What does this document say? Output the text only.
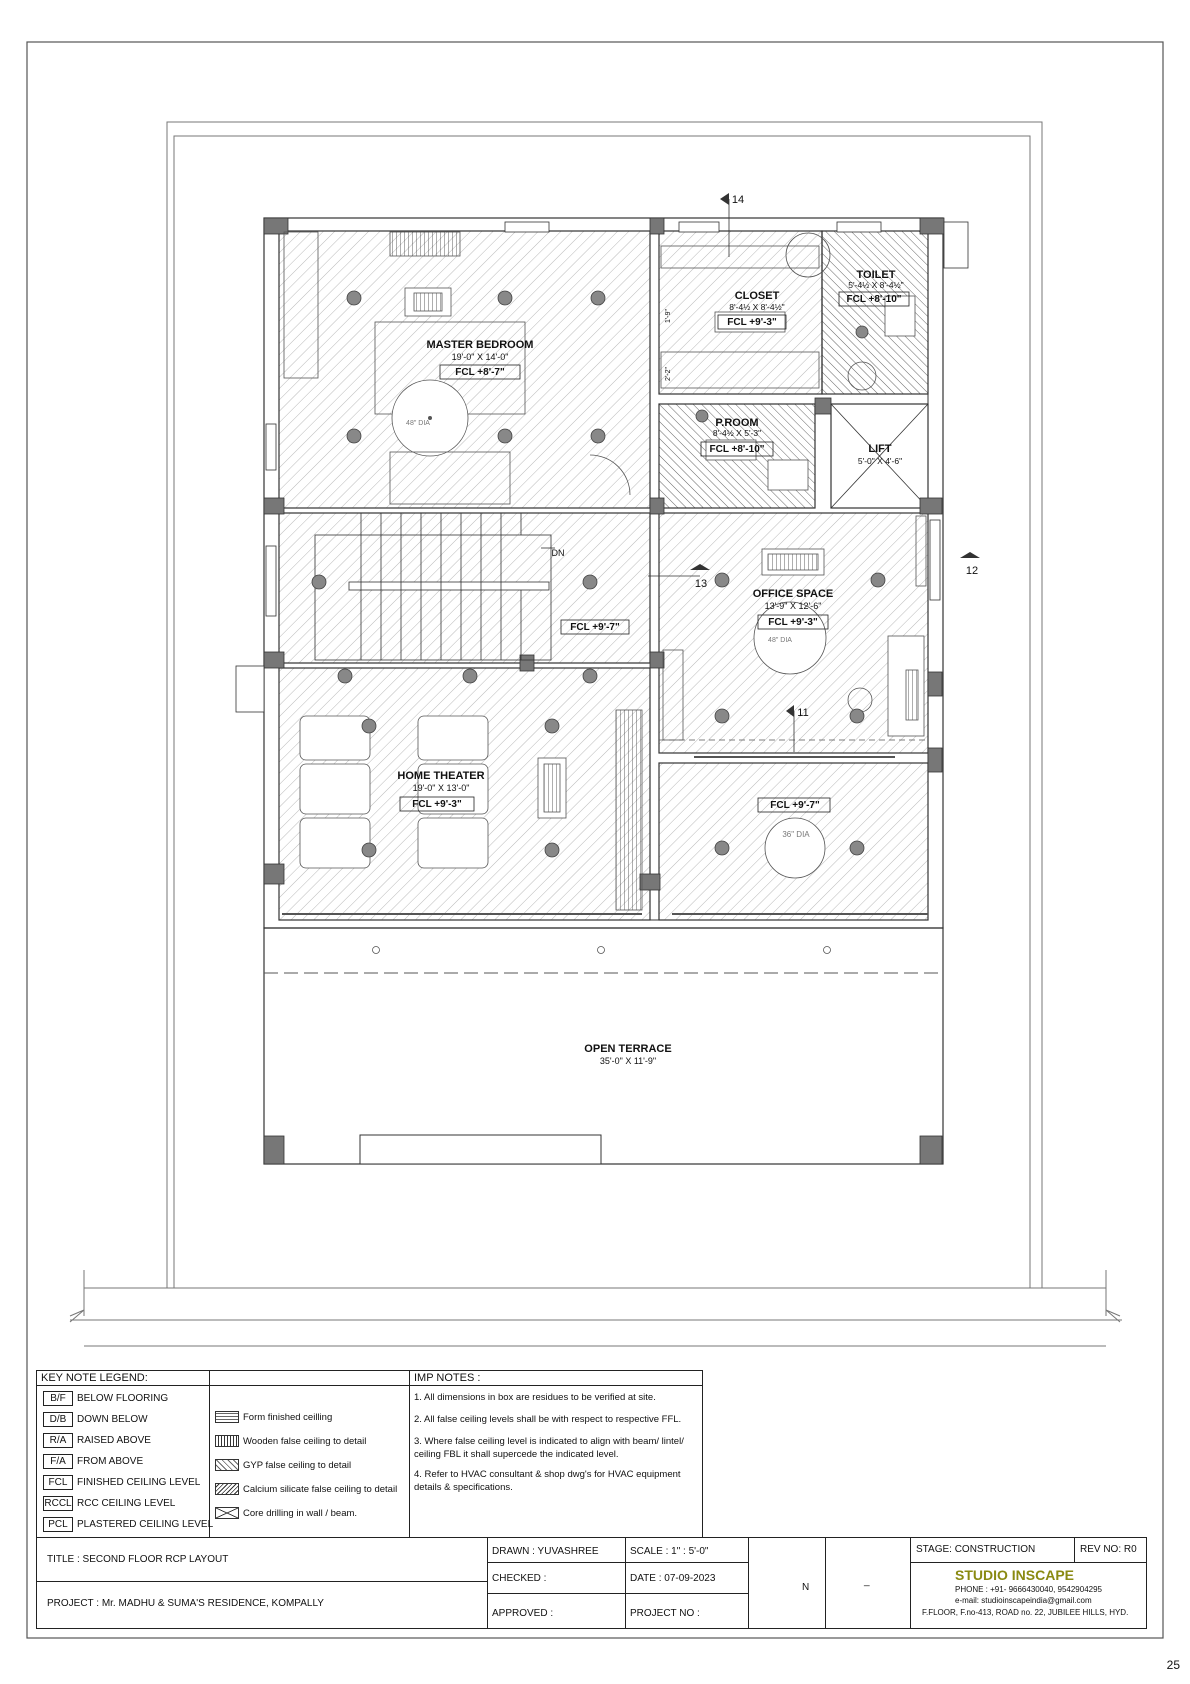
MASTER BEDROOM
19'-0" X 14'-0"
FCL +8'-7"
CLOSET
8'-4½ X 8'-4½"
FCL +9'-3"
TOILET
5'-4½ X 8'-4½"
FCL +8'-10"
P.ROOM
8'-4½ X 5'-3"
FCL +8'-10"	LIFT
5'-0" X 4'-6"
OFFICE SPACE
13'-9" X 12'-6"
FCL +9'-3"
HOME THEATER
19'-0" X 13'-0"
FCL +9'-3"
OPEN TERRACE
35'-0" X 11'-9"
FCL +9'-7"
FCL +9'-7"
DN
48" DIA
48" DIA
36" DIA
1'-9"
2'-2"
14
13
12
11
KEY NOTE LEGEND:
B/F BELOW FLOORING
D/B DOWN BELOW
R/A RAISED ABOVE
F/A FROM ABOVE
FCL FINISHED CEILING LEVEL
RCCL RCC CEILING LEVEL
PCL PLASTERED CEILING LEVEL
Form finished ceilling
Wooden false ceiling to detail
GYP false ceiling to detail
Calcium silicate false ceiling to detail
Core drilling in wall / beam.
IMP NOTES :
1. All dimensions in box are residues to be verified at site.
2. All false ceiling levels shall be with respect to respective FFL.
3. Where false ceiling level is indicated to align with beam/ lintel/ ceiling FBL it shall supercede the indicated level.
4. Refer to HVAC consultant & shop dwg's for HVAC equipment details & specifications.
TITLE : SECOND FLOOR RCP LAYOUT
PROJECT : Mr. MADHU & SUMA'S RESIDENCE, KOMPALLY
DRAWN : YUVASHREE
CHECKED :
APPROVED :
SCALE : 1" : 5'-0"
DATE : 07-09-2023
PROJECT NO :
N
_
STAGE: CONSTRUCTION	REV NO: R0
STUDIO INSCAPE
PHONE : +91- 9666430040, 9542904295
e-mail: studioinscapeindia@gmail.com
F.FLOOR, F.no-413, ROAD no. 22, JUBILEE HILLS, HYD.
25
